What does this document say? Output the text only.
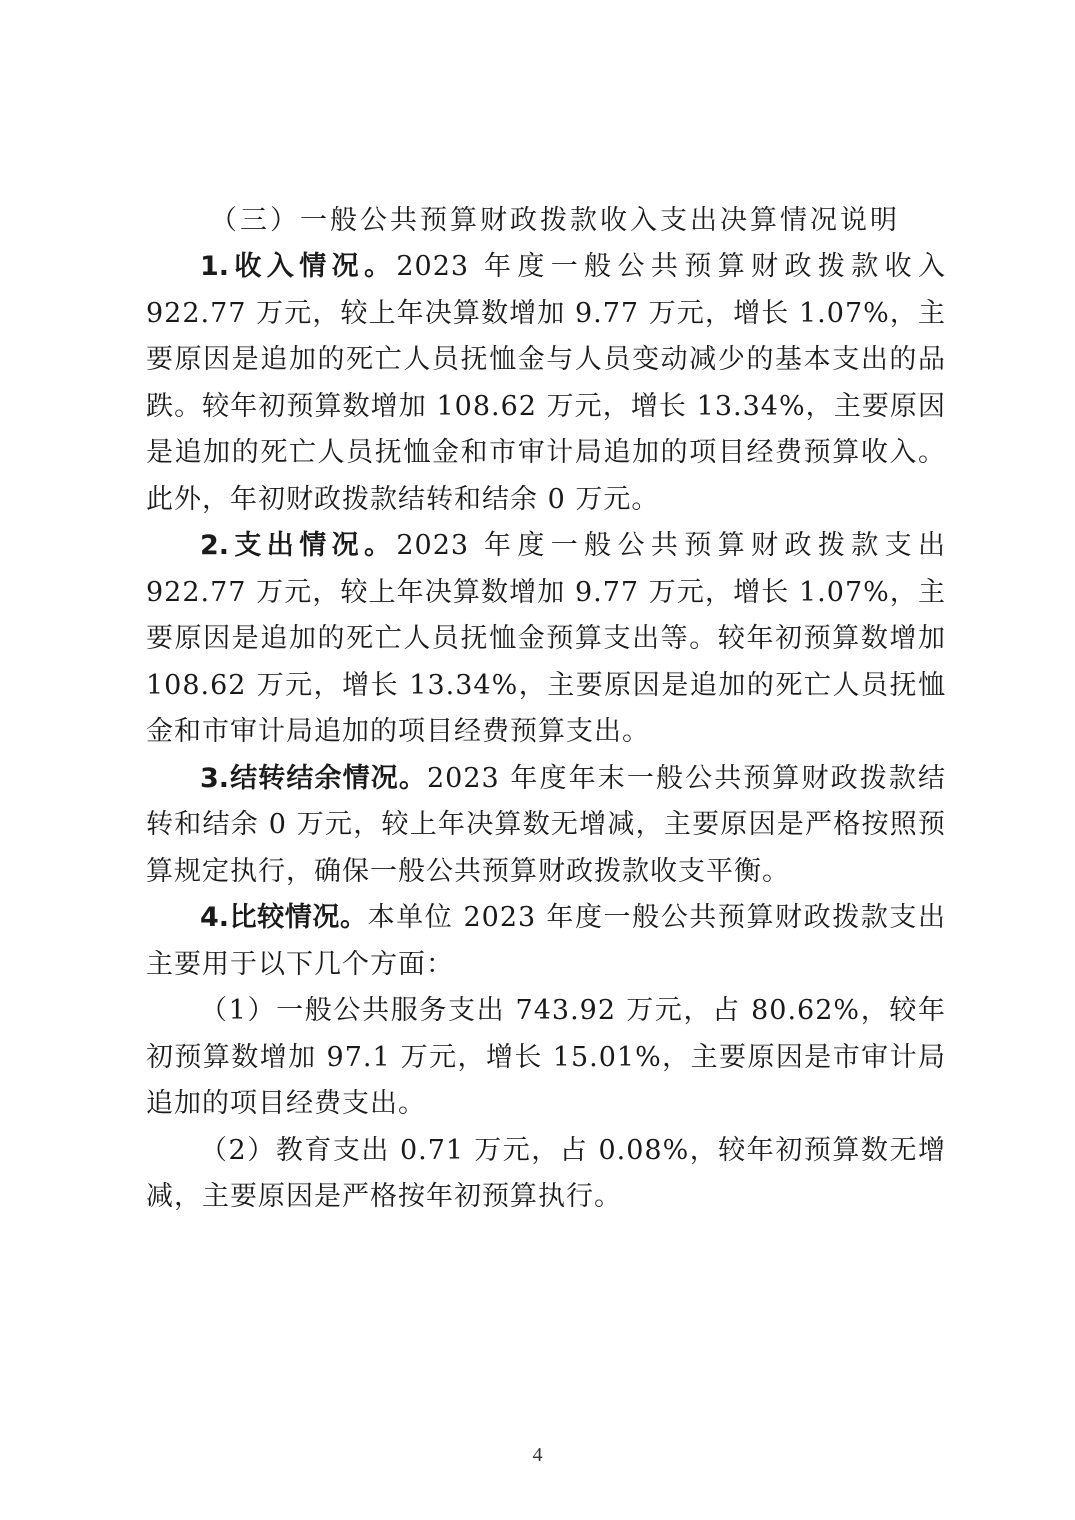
（三）一般公共预算财政拨款收入支出决算情况说明

1.收入情况。2023 年度一般公共预算财政拨款收入 922.77 万元，较上年决算数增加 9.77 万元，增长 1.07%，主要原因是追加的死亡人员抚恤金与人员变动减少的基本支出的品跌。较年初预算数增加 108.62 万元，增长 13.34%，主要原因是追加的死亡人员抚恤金和市审计局追加的项目经费预算收入。此外，年初财政拨款结转和结余 0 万元。

2.支出情况。2023 年度一般公共预算财政拨款支出 922.77 万元，较上年决算数增加 9.77 万元，增长 1.07%，主要原因是追加的死亡人员抚恤金预算支出等。较年初预算数增加 108.62 万元，增长 13.34%，主要原因是追加的死亡人员抚恤金和市审计局追加的项目经费预算支出。

3.结转结余情况。2023 年度年末一般公共预算财政拨款结转和结余 0 万元，较上年决算数无增减，主要原因是严格按照预算规定执行，确保一般公共预算财政拨款收支平衡。

4.比较情况。本单位 2023 年度一般公共预算财政拨款支出主要用于以下几个方面：

（1）一般公共服务支出 743.92 万元，占 80.62%，较年初预算数增加 97.1 万元，增长 15.01%，主要原因是市审计局追加的项目经费支出。

（2）教育支出 0.71 万元，占 0.08%，较年初预算数无增减，主要原因是严格按年初预算执行。

4
